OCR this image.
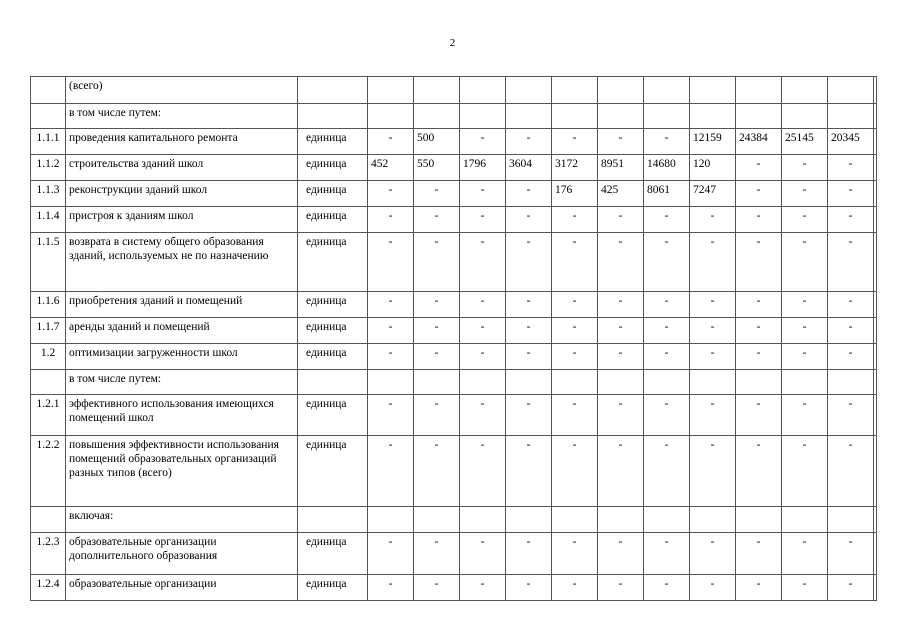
2
	(всего)													
	в том числе путем:													
1.1.1	проведения капитального ремонта	единица	-	500	-	-	-	-	-	12159	24384	25145	20345	
1.1.2	строительства зданий школ	единица	452	550	1796	3604	3172	8951	14680	120	-	-	-	
1.1.3	реконструкции зданий школ	единица	-	-	-	-	176	425	8061	7247	-	-	-	
1.1.4	пристроя к зданиям школ	единица	-	-	-	-	-	-	-	-	-	-	-	
1.1.5	возврата в систему общего образования зданий, используемых не по назначению	единица	-	-	-	-	-	-	-	-	-	-	-	
1.1.6	приобретения зданий и помещений	единица	-	-	-	-	-	-	-	-	-	-	-	
1.1.7	аренды зданий и помещений	единица	-	-	-	-	-	-	-	-	-	-	-	
1.2	оптимизации загруженности школ	единица	-	-	-	-	-	-	-	-	-	-	-	
	в том числе путем:													
1.2.1	эффективного использования имеющихся помещений школ	единица	-	-	-	-	-	-	-	-	-	-	-	
1.2.2	повышения эффективности использования помещений образовательных организаций разных типов (всего)	единица	-	-	-	-	-	-	-	-	-	-	-	
	включая:													
1.2.3	образовательные организации дополнительного образования	единица	-	-	-	-	-	-	-	-	-	-	-	
1.2.4	образовательные организации	единица	-	-	-	-	-	-	-	-	-	-	-	
